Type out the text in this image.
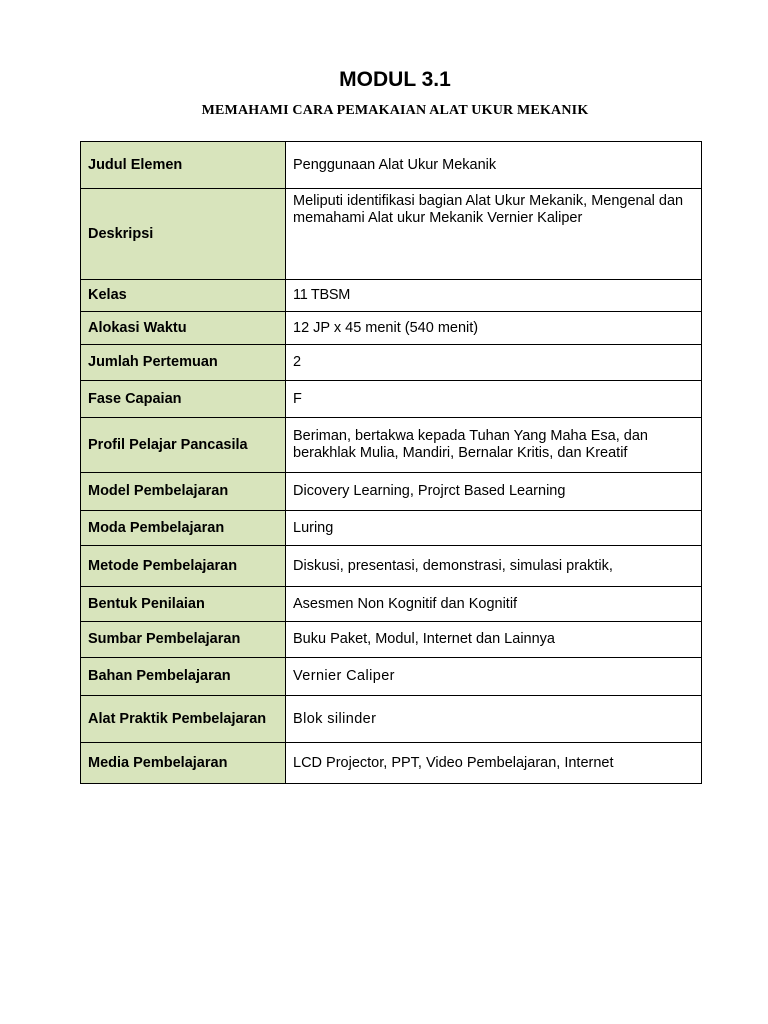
MODUL 3.1
MEMAHAMI CARA PEMAKAIAN ALAT UKUR MEKANIK
Judul Elemen	Penggunaan Alat Ukur Mekanik
Deskripsi	Meliputi identifikasi bagian Alat Ukur Mekanik, Mengenal dan memahami Alat ukur Mekanik Vernier Kaliper
Kelas	11 TBSM
Alokasi Waktu	12 JP x 45 menit (540 menit)
Jumlah Pertemuan	2
Fase Capaian	F
Profil Pelajar Pancasila	Beriman, bertakwa kepada Tuhan Yang Maha Esa, dan berakhlak Mulia, Mandiri, Bernalar Kritis, dan Kreatif
Model Pembelajaran	Dicovery Learning, Projrct Based Learning
Moda Pembelajaran	Luring
Metode Pembelajaran	Diskusi, presentasi, demonstrasi, simulasi praktik,
Bentuk Penilaian	Asesmen Non Kognitif dan Kognitif
Sumbar Pembelajaran	Buku Paket, Modul, Internet dan Lainnya
Bahan Pembelajaran	Vernier Caliper
Alat Praktik Pembelajaran	Blok silinder
Media Pembelajaran	LCD Projector, PPT, Video Pembelajaran, Internet
